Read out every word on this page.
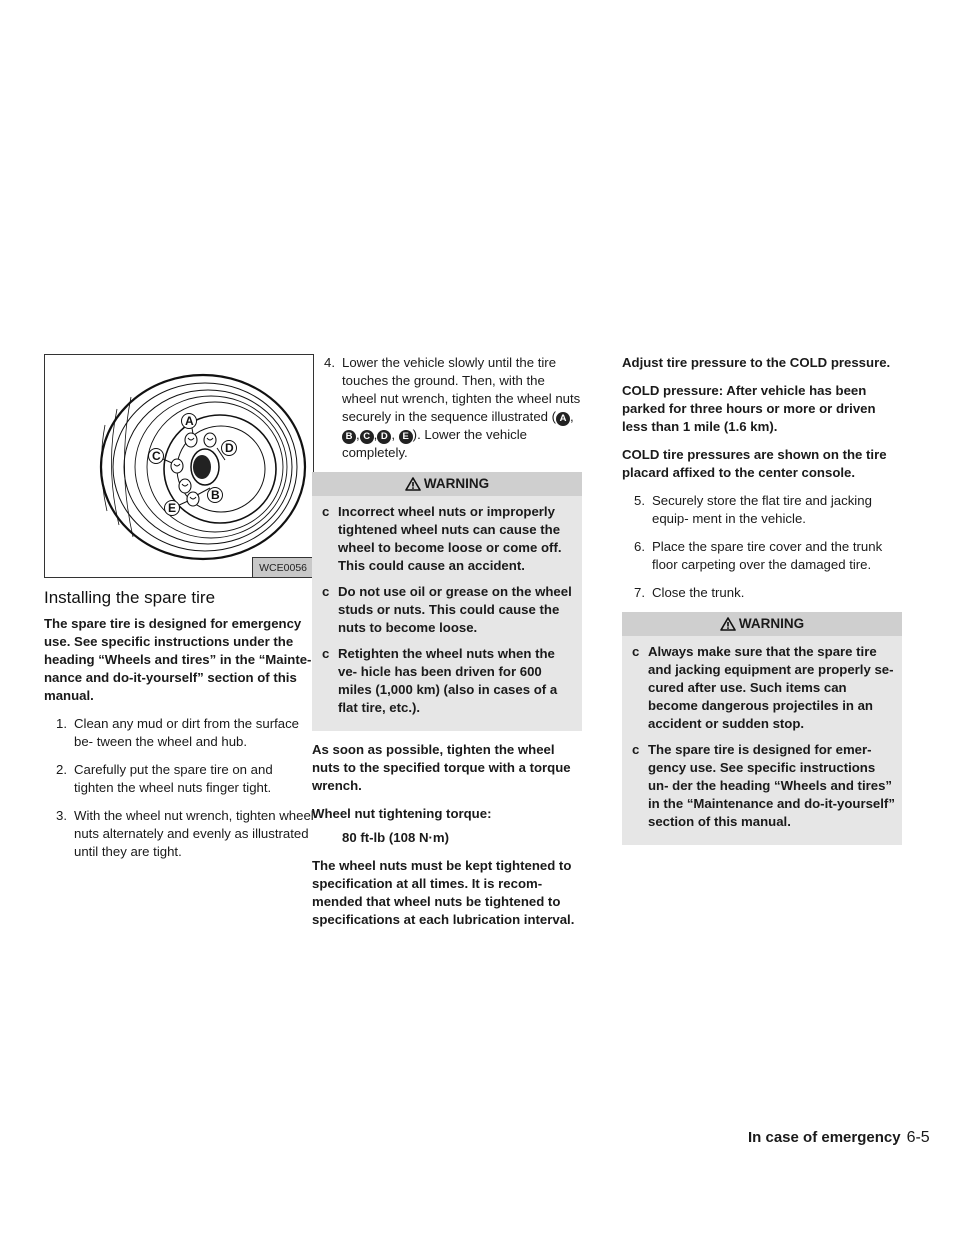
A
B
C
D
E
WCE0056
Installing the spare tire

The spare tire is designed for emergency use. See specific instructions under the heading “Wheels and tires” in the “Mainte- nance and do-it-yourself” section of this manual.

1. Clean any mud or dirt from the surface be- tween the wheel and hub.
2. Carefully put the spare tire on and tighten the wheel nuts finger tight.
3. With the wheel nut wrench, tighten wheel nuts alternately and evenly as illustrated until they are tight.
4. Lower the vehicle slowly until the tire touches the ground. Then, with the wheel nut wrench, tighten the wheel nuts securely in the sequence illustrated ( A ,B , C , D , E ). Lower the vehicle completely.
WARNING
c Incorrect wheel nuts or improperly tightened wheel nuts can cause the wheel to become loose or come off. This could cause an accident.
c Do not use oil or grease on the wheel studs or nuts. This could cause the nuts to become loose.
c Retighten the wheel nuts when the ve- hicle has been driven for 600 miles (1,000 km) (also in cases of a flat tire, etc.).

As soon as possible, tighten the wheel nuts to the specified torque with a torque wrench.

Wheel nut tightening torque:

80 ft-lb (108 N·m)

The wheel nuts must be kept tightened to specification at all times. It is recom- mended that wheel nuts be tightened to specifications at each lubrication interval.

Adjust tire pressure to the COLD pressure.

COLD pressure: After vehicle has been parked for three hours or more or driven less than 1 mile (1.6 km).

COLD tire pressures are shown on the tire placard affixed to the center console.

5. Securely store the flat tire and jacking equip- ment in the vehicle.
6. Place the spare tire cover and the trunk floor carpeting over the damaged tire.
7. Close the trunk.
WARNING
c Always make sure that the spare tire and jacking equipment are properly se- cured after use. Such items can become dangerous projectiles in an accident or sudden stop.
c The spare tire is designed for emer- gency use. See specific instructions un- der the heading “Wheels and tires” in the “Maintenance and do-it-yourself” section of this manual.
In case of emergency 6-5
